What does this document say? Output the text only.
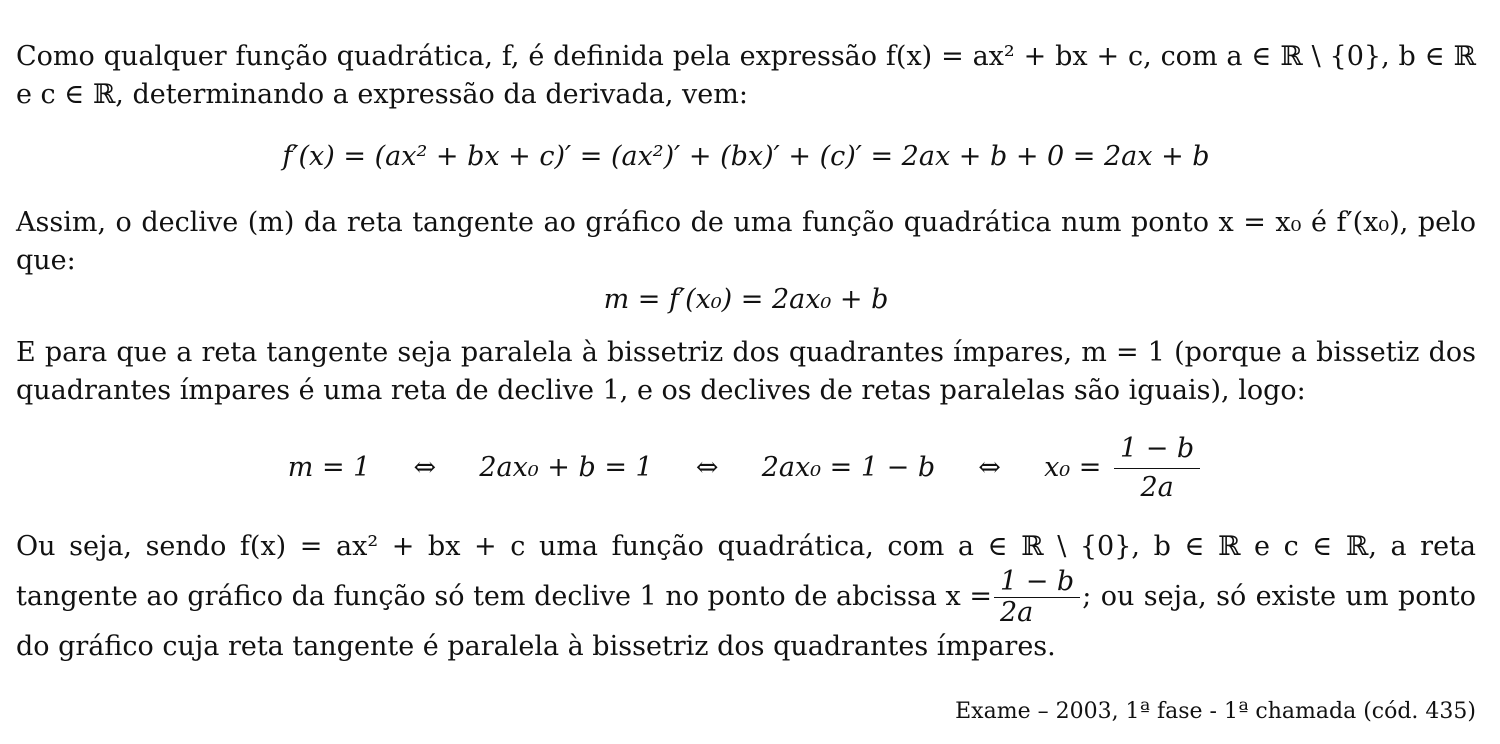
Como qualquer função quadrática, f, é definida pela expressão f(x) = ax² + bx + c, com a ∈ ℝ \ {0}, b ∈ ℝ e c ∈ ℝ, determinando a expressão da derivada, vem:
f′(x) = (ax² + bx + c)′ = (ax²)′ + (bx)′ + (c)′ = 2ax + b + 0 = 2ax + b
Assim, o declive (m) da reta tangente ao gráfico de uma função quadrática num ponto x = x₀ é f′(x₀), pelo que:
m = f′(x₀) = 2ax₀ + b
E para que a reta tangente seja paralela à bissetriz dos quadrantes ímpares, m = 1 (porque a bissetiz dos quadrantes ímpares é uma reta de declive 1, e os declives de retas paralelas são iguais), logo:
m = 1 ⇔ 2ax₀ + b = 1 ⇔ 2ax₀ = 1 − b ⇔ $x_0 = \frac{1 - b}{2a}$
Ou seja, sendo f(x) = ax² + bx + c uma função quadrática, com a ∈ ℝ \ {0}, b ∈ ℝ e c ∈ ℝ, a reta
tangente ao gráfico da função só tem declive 1 no ponto de abcissa $x = \frac{1 - b}{2a}$ ; ou seja, só existe um ponto
do gráfico cuja reta tangente é paralela à bissetriz dos quadrantes ímpares.
Exame – 2003, 1ª fase - 1ª chamada (cód. 435)
